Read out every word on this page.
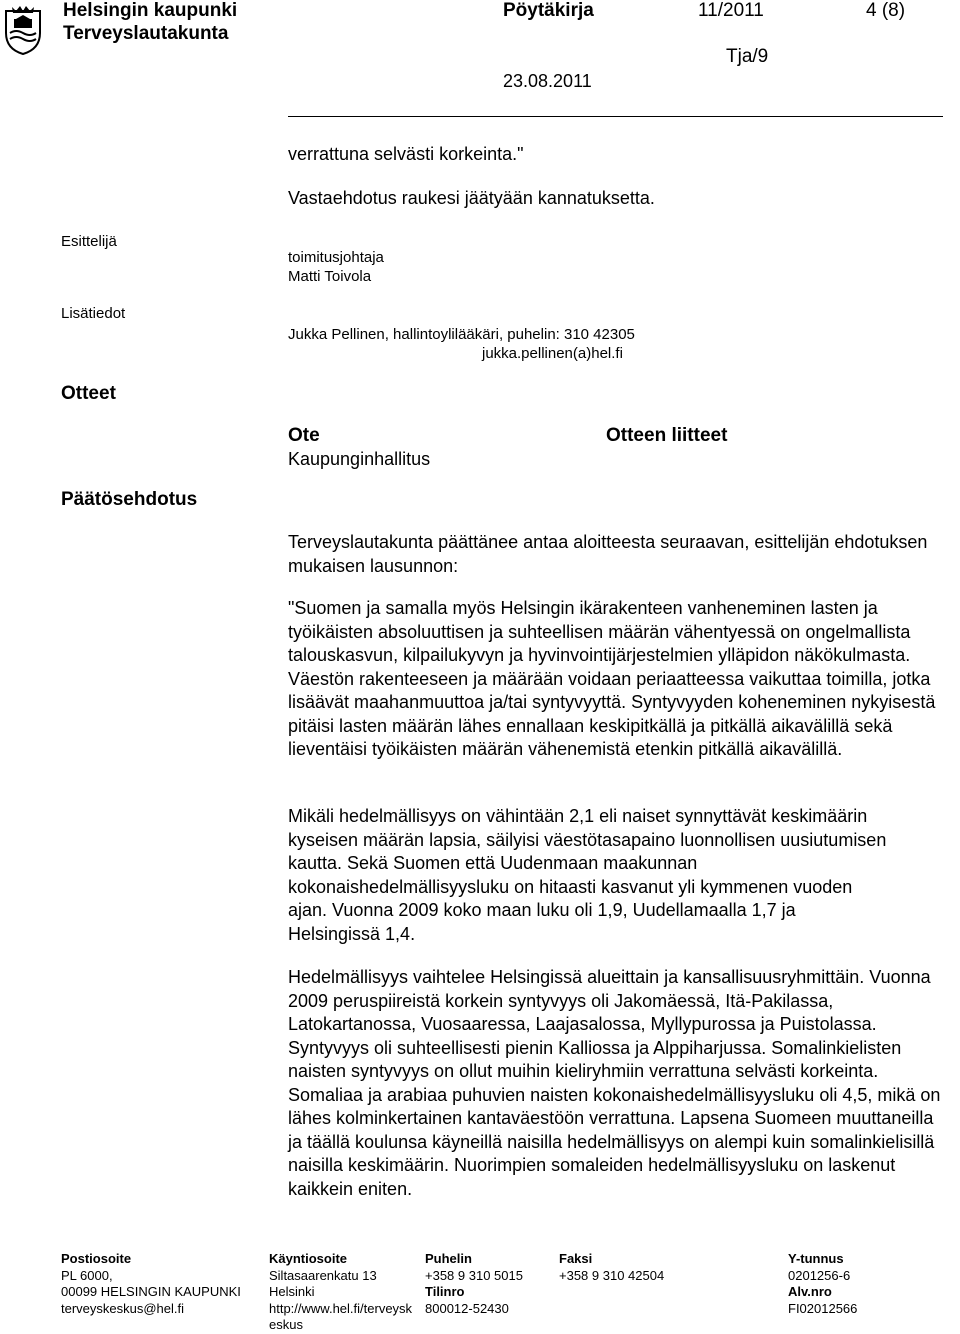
Helsingin kaupunki
Terveyslautakunta
Pöytäkirja	11/2011	4 (8)
Tja/9
23.08.2011
verrattuna selvästi korkeinta."
Vastaehdotus raukesi jäätyään kannatuksetta.
Esittelijä
toimitusjohtaja
Matti Toivola
Lisätiedot
Jukka Pellinen, hallintoylilääkäri, puhelin: 310 42305
jukka.pellinen(a)hel.fi
Otteet
Ote
Kaupunginhallitus
Otteen liitteet
Päätösehdotus

Terveyslautakunta päättänee antaa aloitteesta seuraavan, esittelijän ehdotuksen mukaisen lausunnon:

"Suomen ja samalla myös Helsingin ikärakenteen vanheneminen lasten ja työikäisten absoluuttisen ja suhteellisen määrän vähentyessä on ongelmallista talouskasvun, kilpailukyvyn ja hyvinvointijärjestelmien ylläpidon näkökulmasta. Väestön rakenteeseen ja määrään voidaan periaatteessa vaikuttaa toimilla, jotka lisäävät maahanmuuttoa ja/tai syntyvyyttä. Syntyvyyden koheneminen nykyisestä pitäisi lasten määrän lähes ennallaan keskipitkällä ja pitkällä aikavälillä sekä lieventäisi työikäisten määrän vähenemistä etenkin pitkällä aikavälillä.

Mikäli hedelmällisyys on vähintään 2,1 eli naiset synnyttävät keskimäärin kyseisen määrän lapsia, säilyisi väestötasapaino luonnollisen uusiutumisen kautta. Sekä Suomen että Uudenmaan maakunnan kokonaishedelmällisyysluku on hitaasti kasvanut yli kymmenen vuoden ajan. Vuonna 2009 koko maan luku oli 1,9, Uudellamaalla 1,7 ja Helsingissä 1,4.

Hedelmällisyys vaihtelee Helsingissä alueittain ja kansallisuusryhmittäin. Vuonna 2009 peruspiireistä korkein syntyvyys oli Jakomäessä, Itä-Pakilassa, Latokartanossa, Vuosaaressa, Laajasalossa, Myllypurossa ja Puistolassa. Syntyvyys oli suhteellisesti pienin Kalliossa ja Alppiharjussa. Somalinkielisten naisten syntyvyys on ollut muihin kieliryhmiin verrattuna selvästi korkeinta. Somaliaa ja arabiaa puhuvien naisten kokonaishedelmällisyysluku oli 4,5, mikä on lähes kolminkertainen kantaväestöön verrattuna. Lapsena Suomeen muuttaneilla ja täällä koulunsa käyneillä naisilla hedelmällisyys on alempi kuin somalinkielisillä naisilla keskimäärin. Nuorimpien somaleiden hedelmällisyysluku on laskenut kaikkein eniten.

Postiosoite
PL 6000,
00099 HELSINGIN KAUPUNKI
terveyskeskus@hel.fi
Käyntiosoite
Siltasaarenkatu 13
Helsinki
http://www.hel.fi/terveysk
eskus
Puhelin
+358 9 310 5015
Tilinro
800012-52430
Faksi
+358 9 310 42504
Y-tunnus
0201256-6
Alv.nro
FI02012566
